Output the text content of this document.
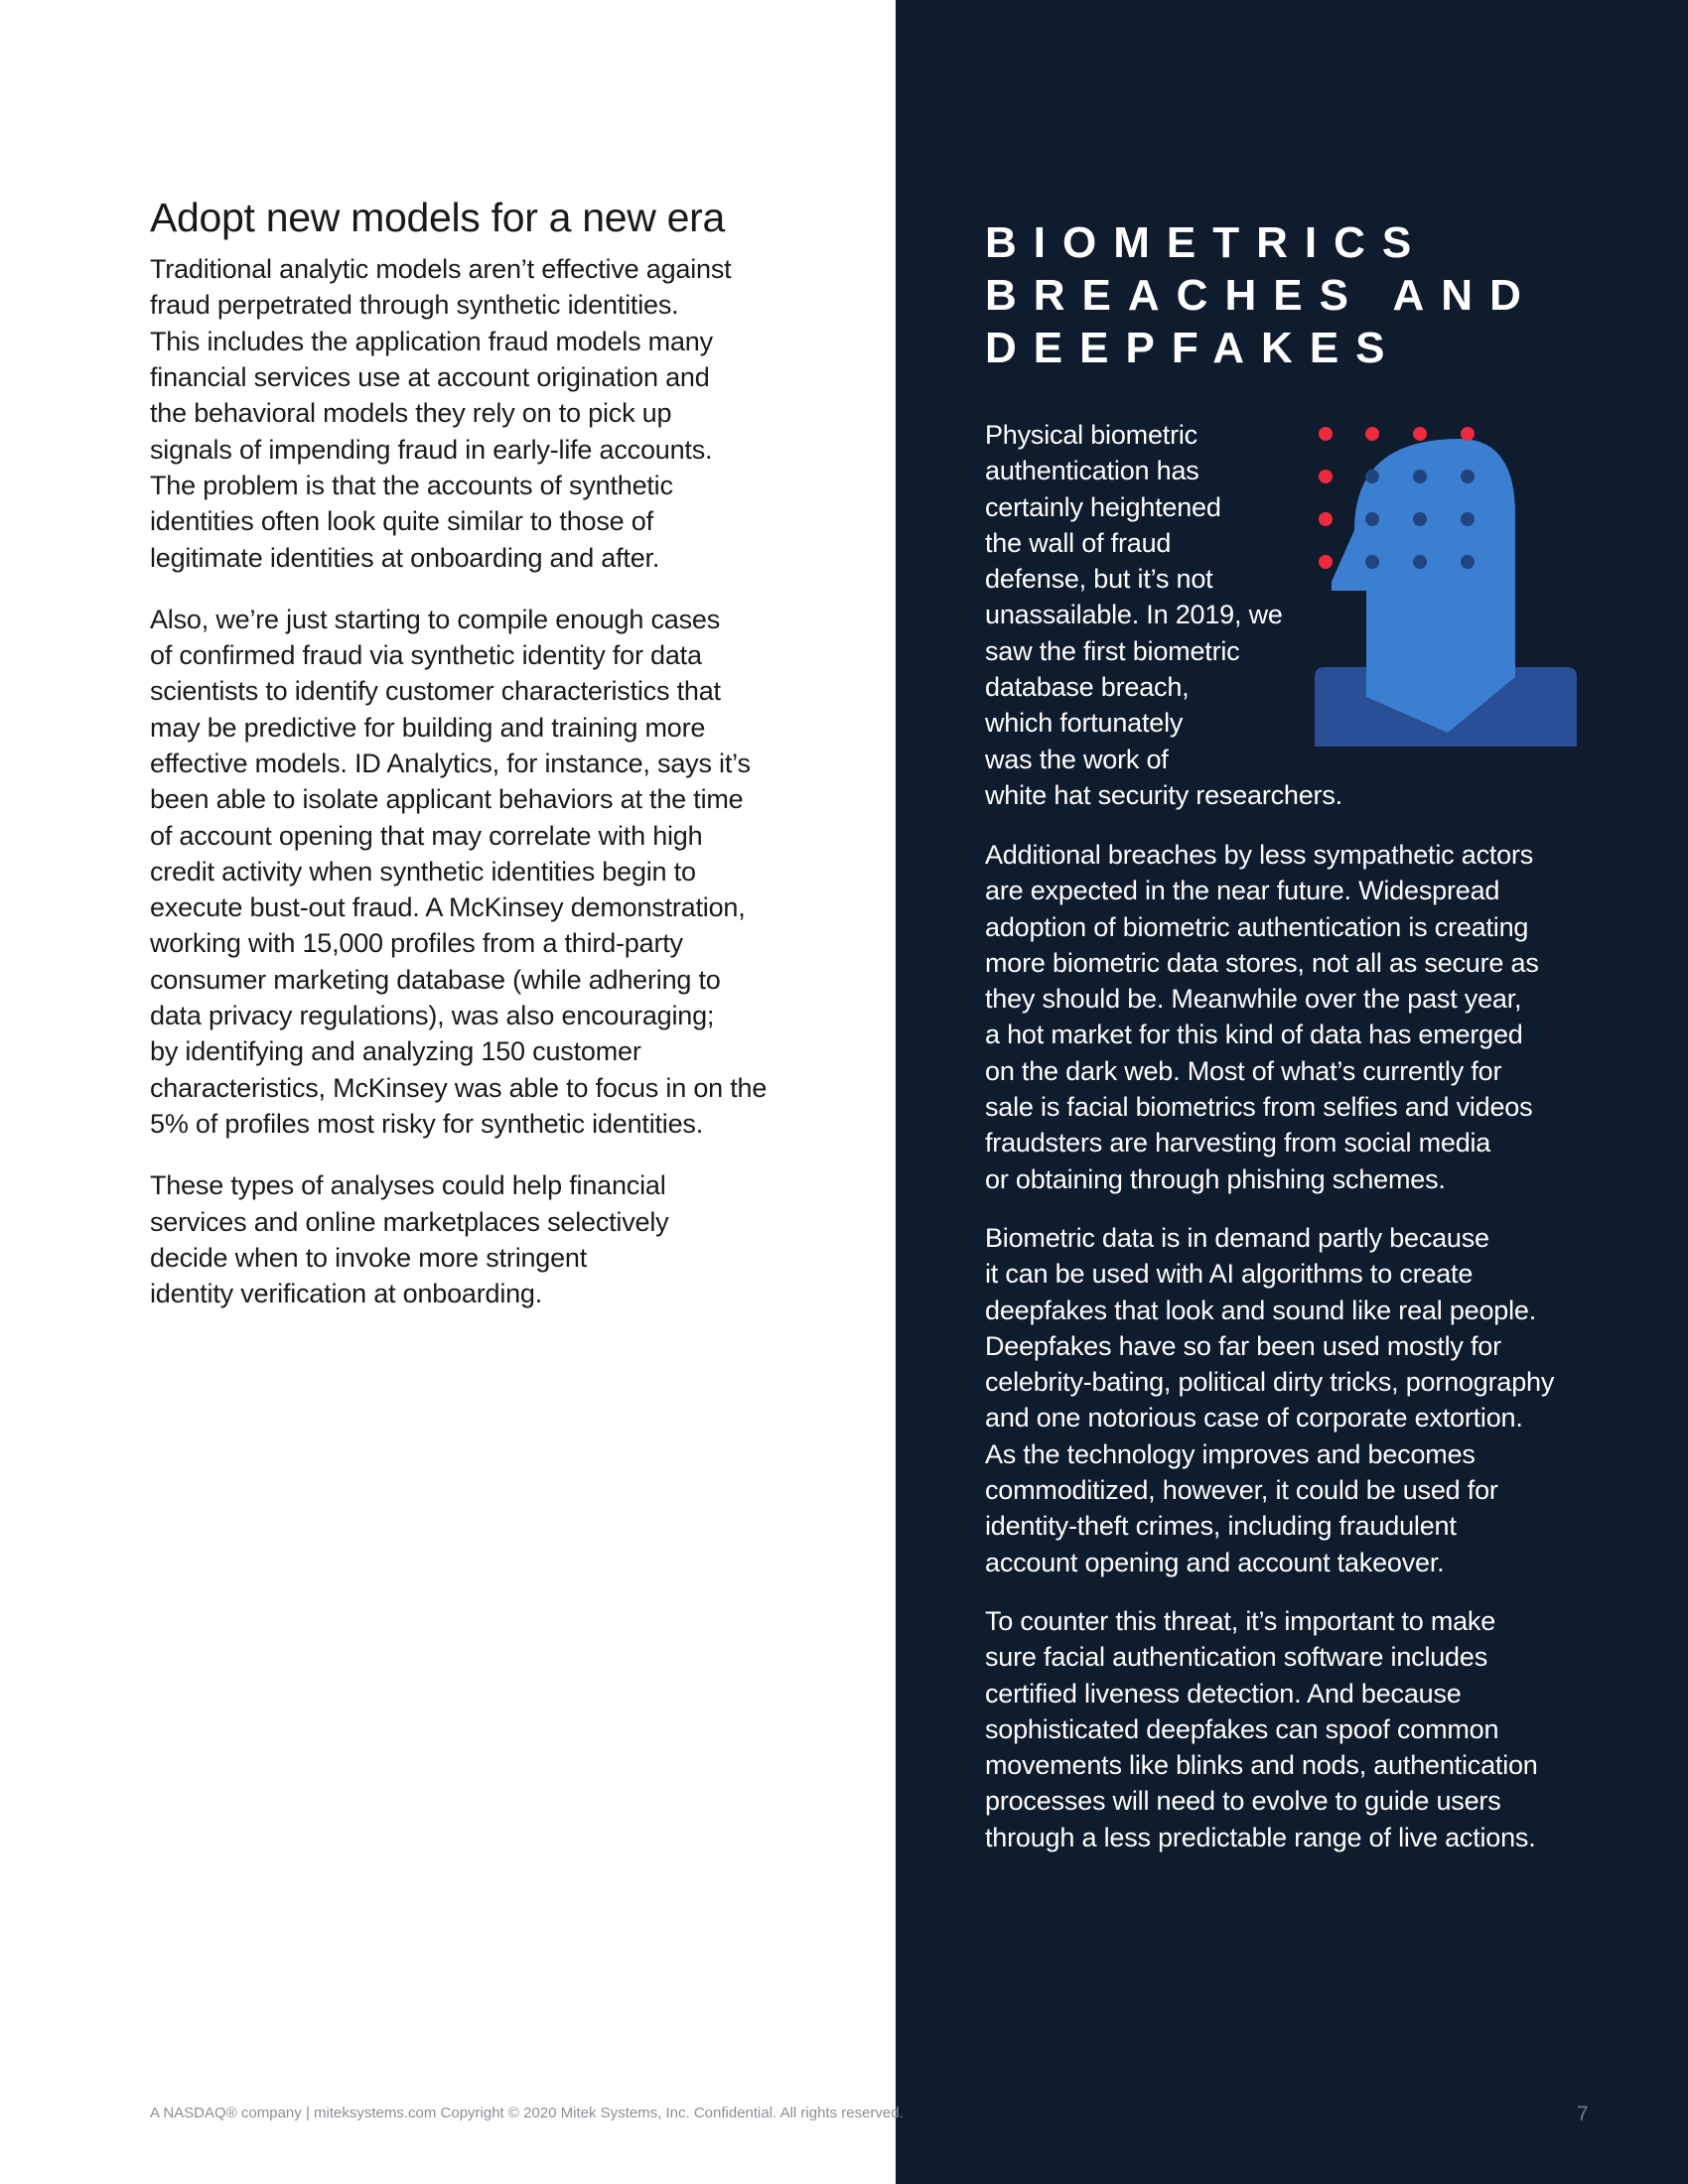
Adopt new models for a new era

Traditional analytic models aren’t effective against
fraud perpetrated through synthetic identities.
This includes the application fraud models many
financial services use at account origination and
the behavioral models they rely on to pick up
signals of impending fraud in early-life accounts.
The problem is that the accounts of synthetic
identities often look quite similar to those of
legitimate identities at onboarding and after.

Also, we’re just starting to compile enough cases
of confirmed fraud via synthetic identity for data
scientists to identify customer characteristics that
may be predictive for building and training more
effective models. ID Analytics, for instance, says it’s
been able to isolate applicant behaviors at the time
of account opening that may correlate with high
credit activity when synthetic identities begin to
execute bust-out fraud. A McKinsey demonstration,
working with 15,000 profiles from a third-party
consumer marketing database (while adhering to
data privacy regulations), was also encouraging;
by identifying and analyzing 150 customer
characteristics, McKinsey was able to focus in on the
5% of profiles most risky for synthetic identities.

These types of analyses could help financial
services and online marketplaces selectively
decide when to invoke more stringent
identity verification at onboarding.

BIOMETRICS
BREACHES AND
DEEPFAKES

Physical biometric
authentication has
certainly heightened
the wall of fraud
defense, but it’s not
unassailable. In 2019, we
saw the first biometric
database breach,
which fortunately
was the work of
white hat security researchers.

Additional breaches by less sympathetic actors
are expected in the near future. Widespread
adoption of biometric authentication is creating
more biometric data stores, not all as secure as
they should be. Meanwhile over the past year,
a hot market for this kind of data has emerged
on the dark web. Most of what’s currently for
sale is facial biometrics from selfies and videos
fraudsters are harvesting from social media
or obtaining through phishing schemes.

Biometric data is in demand partly because
it can be used with AI algorithms to create
deepfakes that look and sound like real people.
Deepfakes have so far been used mostly for
celebrity-bating, political dirty tricks, pornography
and one notorious case of corporate extortion.
As the technology improves and becomes
commoditized, however, it could be used for
identity-theft crimes, including fraudulent
account opening and account takeover.

To counter this threat, it’s important to make
sure facial authentication software includes
certified liveness detection. And because
sophisticated deepfakes can spoof common
movements like blinks and nods, authentication
processes will need to evolve to guide users
through a less predictable range of live actions.

A NASDAQ® company | miteksystems.com Copyright © 2020 Mitek Systems, Inc. Confidential. All rights reserved.	7
